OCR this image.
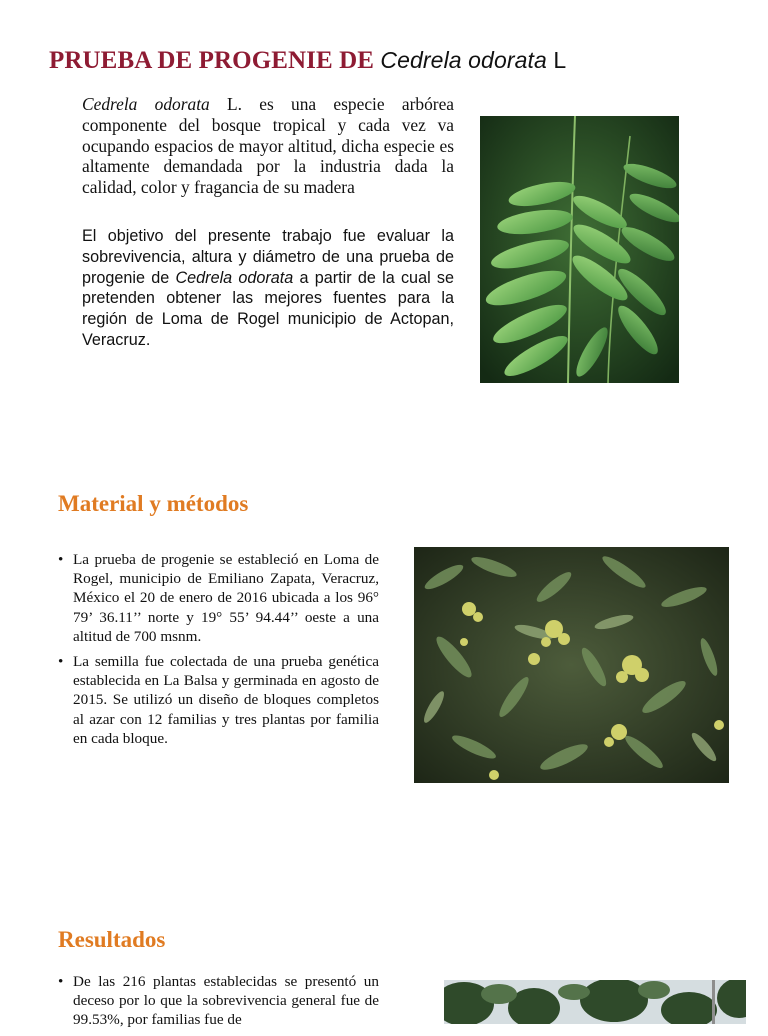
PRUEBA DE PROGENIE DE Cedrela odorata L

Cedrela odorata L. es una especie arbórea componente del bosque tropical y cada vez va ocupando espacios de mayor altitud, dicha especie es altamente demandada por la industria dada la calidad, color y fragancia de su madera

El objetivo del presente trabajo fue evaluar la sobrevivencia, altura y diámetro de una prueba de progenie de Cedrela odorata a partir de la cual se pretenden obtener las mejores fuentes para la región de Loma de Rogel municipio de Actopan, Veracruz.

Material y métodos
• La prueba de progenie se estableció en Loma de Rogel, municipio de Emiliano Zapata, Veracruz, México el 20 de enero de 2016 ubicada a los 96° 79’ 36.11’’ norte y 19° 55’ 94.44’’ oeste a una altitud de 700 msnm.
• La semilla fue colectada de una prueba genética establecida en La Balsa y germinada en agosto de 2015. Se utilizó un diseño de bloques completos al azar con 12 familias y tres plantas por familia en cada bloque.
Resultados
• De las 216 plantas establecidas se presentó un deceso por lo que la sobrevivencia general fue de 99.53%, por familias fue de
